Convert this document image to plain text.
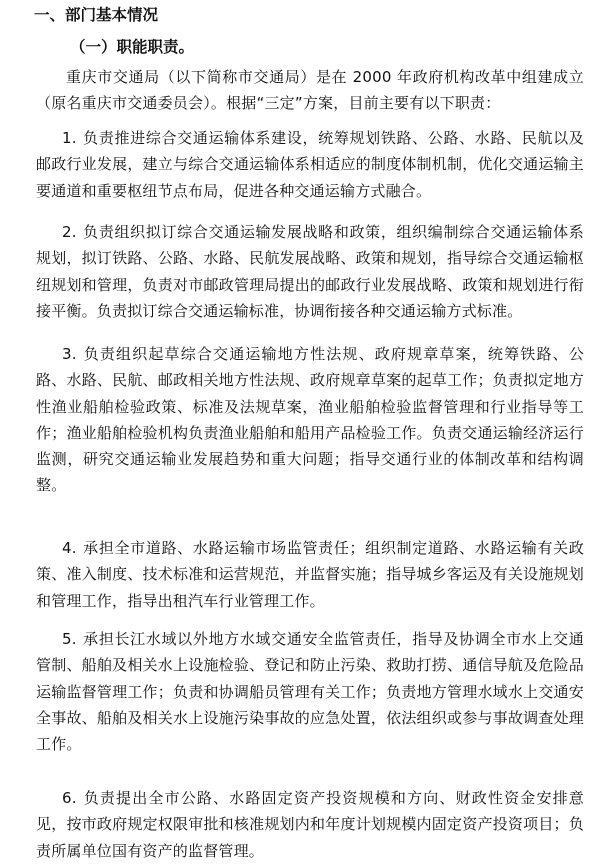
一、部门基本情况
（一）职能职责。

重庆市交通局（以下简称市交通局）是在 2000 年政府机构改革中组建成立（原名重庆市交通委员会）。根据“三定”方案，目前主要有以下职责：

1. 负责推进综合交通运输体系建设，统筹规划铁路、公路、水路、民航以及邮政行业发展，建立与综合交通运输体系相适应的制度体制机制，优化交通运输主要通道和重要枢纽节点布局，促进各种交通运输方式融合。

2. 负责组织拟订综合交通运输发展战略和政策，组织编制综合交通运输体系规划，拟订铁路、公路、水路、民航发展战略、政策和规划，指导综合交通运输枢纽规划和管理，负责对市邮政管理局提出的邮政行业发展战略、政策和规划进行衔接平衡。负责拟订综合交通运输标准，协调衔接各种交通运输方式标准。

3. 负责组织起草综合交通运输地方性法规、政府规章草案，统筹铁路、公路、水路、民航、邮政相关地方性法规、政府规章草案的起草工作；负责拟定地方性渔业船舶检验政策、标准及法规草案，渔业船舶检验监督管理和行业指导等工作；渔业船舶检验机构负责渔业船舶和船用产品检验工作。负责交通运输经济运行监测，研究交通运输业发展趋势和重大问题；指导交通行业的体制改革和结构调整。

4. 承担全市道路、水路运输市场监管责任；组织制定道路、水路运输有关政策、准入制度、技术标准和运营规范，并监督实施；指导城乡客运及有关设施规划和管理工作，指导出租汽车行业管理工作。

5. 承担长江水域以外地方水域交通安全监管责任，指导及协调全市水上交通管制、船舶及相关水上设施检验、登记和防止污染、救助打捞、通信导航及危险品运输监督管理工作；负责和协调船员管理有关工作；负责地方管理水域水上交通安全事故、船舶及相关水上设施污染事故的应急处置，依法组织或参与事故调查处理工作。

6. 负责提出全市公路、水路固定资产投资规模和方向、财政性资金安排意见，按市政府规定权限审批和核准规划内和年度计划规模内固定资产投资项目；负责所属单位国有资产的监督管理。
